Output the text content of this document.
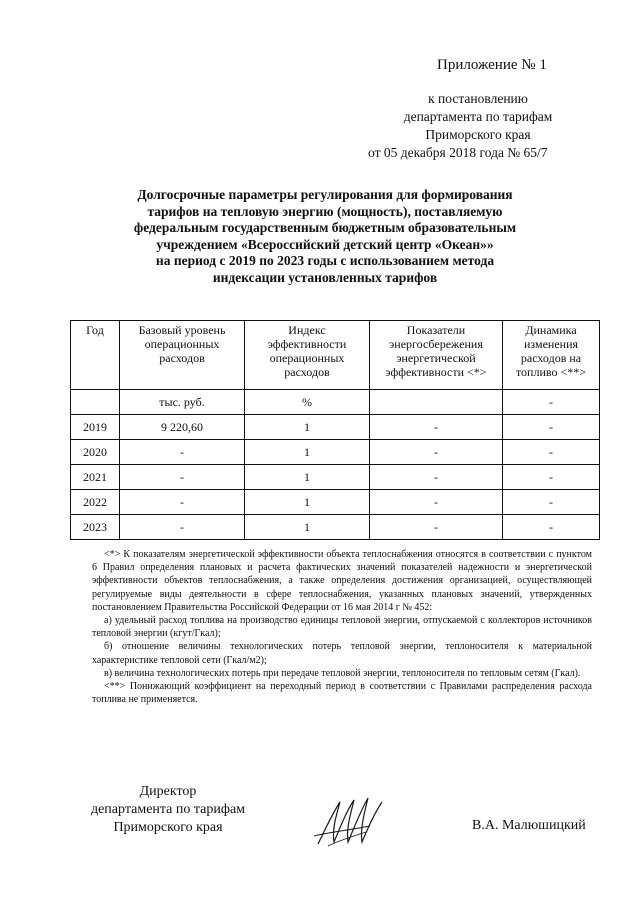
Приложение № 1
к постановлению
департамента по тарифам
Приморского края
от 05 декабря 2018 года № 65/7
Долгосрочные параметры регулирования для формирования
тарифов на тепловую энергию (мощность), поставляемую
федеральным государственным бюджетным образовательным
учреждением «Всероссийский детский центр «Океан»»
на период с 2019 по 2023 годы с использованием метода
индексации установленных тарифов
Год	Базовый уровень операционных расходов	Индекс эффективности операционных расходов	Показатели энергосбережения энергетической эффективности <*>	Динамика изменения расходов на топливо <**>
	тыс. руб.	%		-
2019	9 220,60	1	-	-
2020	-	1	-	-
2021	-	1	-	-
2022	-	1	-	-
2023	-	1	-	-

<*> К показателям энергетической эффективности объекта теплоснабжения относятся в соответствии с пунктом 6 Правил определения плановых и расчета фактических значений показателей надежности и энергетической эффективности объектов теплоснабжения, а также определения достижения организацией, осуществляющей регулируемые виды деятельности в сфере теплоснабжения, указанных плановых значений, утвержденных постановлением Правительства Российской Федерации от 16 мая 2014 г № 452:

а) удельный расход топлива на производство единицы тепловой энергии, отпускаемой с коллекторов источников тепловой энергии (кгут/Гкал);

б) отношение величины технологических потерь тепловой энергии, теплоносителя к материальной характеристике тепловой сети (Гкал/м2);

в) величина технологических потерь при передаче тепловой энергии, теплоносителя по тепловым сетям (Гкал).

<**> Понижающий коэффициент на переходный период в соответствии с Правилами распределения расхода топлива не применяется.

Директор
департамента по тарифам
Приморского края	В.А. Малюшицкий
